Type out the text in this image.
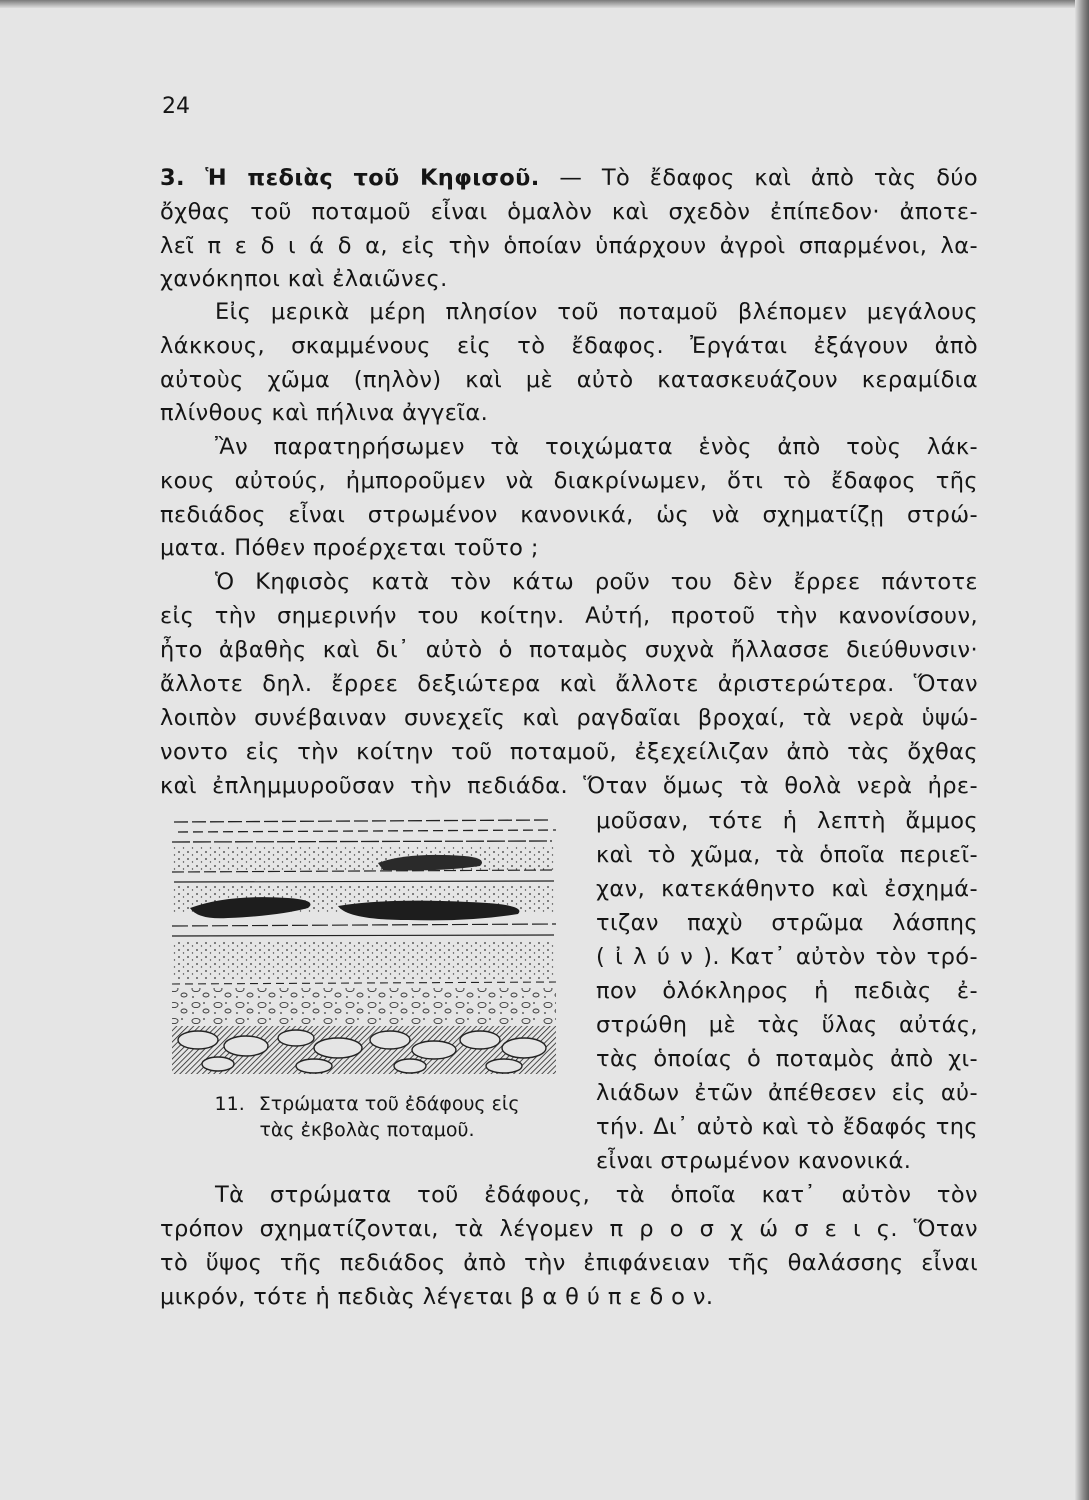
24
3. Ἡ πεδιὰς τοῦ Κηφισοῦ. — Τὸ ἔδαφος καὶ ἀπὸ τὰς δύο
ὄχθας τοῦ ποταμοῦ εἶναι ὁμαλὸν καὶ σχεδὸν ἐπίπεδον· ἀποτε-
λεῖ π ε δ ι ά δ α, εἰς τὴν ὁποίαν ὑπάρχουν ἀγροὶ σπαρμένοι, λα-
χανόκηποι καὶ ἐλαιῶνες.
Εἰς μερικὰ μέρη πλησίον τοῦ ποταμοῦ βλέπομεν μεγάλους
λάκκους, σκαμμένους εἰς τὸ ἔδαφος. Ἐργάται ἐξάγουν ἀπὸ
αὐτοὺς χῶμα (πηλὸν) καὶ μὲ αὐτὸ κατασκευάζουν κεραμίδια
πλίνθους καὶ πήλινα ἀγγεῖα.
Ἂν παρατηρήσωμεν τὰ τοιχώματα ἑνὸς ἀπὸ τοὺς λάκ-
κους αὐτούς, ἠμποροῦμεν νὰ διακρίνωμεν, ὅτι τὸ ἔδαφος τῆς
πεδιάδος εἶναι στρωμένον κανονικά, ὡς νὰ σχηματίζῃ στρώ-
ματα. Πόθεν προέρχεται τοῦτο ;
Ὁ Κηφισὸς κατὰ τὸν κάτω ροῦν του δὲν ἔρρεε πάντοτε
εἰς τὴν σημερινήν του κοίτην. Αὐτή, προτοῦ τὴν κανονίσουν,
ἦτο ἀβαθὴς καὶ δι᾿ αὐτὸ ὁ ποταμὸς συχνὰ ἤλλασσε διεύθυνσιν·
ἄλλοτε δηλ. ἔρρεε δεξιώτερα καὶ ἄλλοτε ἀριστερώτερα. Ὅταν
λοιπὸν συνέβαιναν συνεχεῖς καὶ ραγδαῖαι βροχαί, τὰ νερὰ ὑψώ-
νοντο εἰς τὴν κοίτην τοῦ ποταμοῦ, ἐξεχείλιζαν ἀπὸ τὰς ὄχθας
καὶ ἐπλημμυροῦσαν τὴν πεδιάδα. Ὅταν ὅμως τὰ θολὰ νερὰ ἠρε-
μοῦσαν, τότε ἡ λεπτὴ ἄμμος
καὶ τὸ χῶμα, τὰ ὁποῖα περιεῖ-
χαν, κατεκάθηντο καὶ ἐσχημά-
τιζαν παχὺ στρῶμα λάσπης
( ἰ λ ύ ν ). Κατ᾿ αὐτὸν τὸν τρό-
πον ὁλόκληρος ἡ πεδιὰς ἐ-
στρώθη μὲ τὰς ὕλας αὐτάς,
τὰς ὁποίας ὁ ποταμὸς ἀπὸ χι-
λιάδων ἐτῶν ἀπέθεσεν εἰς αὐ-
τήν. Δι᾿ αὐτὸ καὶ τὸ ἔδαφός της
εἶναι στρωμένον κανονικά.
11. Στρώματα τοῦ ἐδάφους εἰς
τὰς ἐκβολὰς ποταμοῦ.
Τὰ στρώματα τοῦ ἐδάφους, τὰ ὁποῖα κατ᾿ αὐτὸν τὸν
τρόπον σχηματίζονται, τὰ λέγομεν π ρ ο σ χ ώ σ ε ι ς. Ὅταν
τὸ ὕψος τῆς πεδιάδος ἀπὸ τὴν ἐπιφάνειαν τῆς θαλάσσης εἶναι
μικρόν, τότε ἡ πεδιὰς λέγεται β α θ ύ π ε δ ο ν.
